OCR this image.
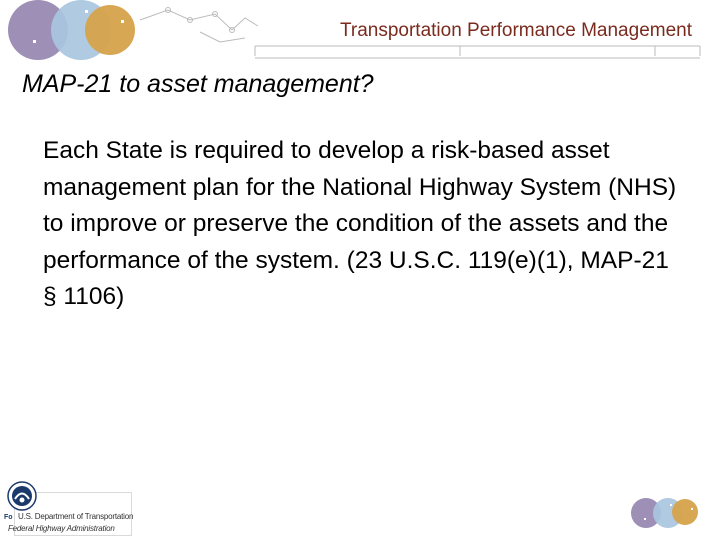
Transportation Performance Management
MAP-21 to asset management?

Each State is required to develop a risk-based asset management plan for the National Highway System (NHS) to improve or preserve the condition of the assets and the performance of the system. (23 U.S.C. 119(e)(1), MAP-21 § 1106)

Fo U.S. Department of Transportation
Federal Highway Administration
